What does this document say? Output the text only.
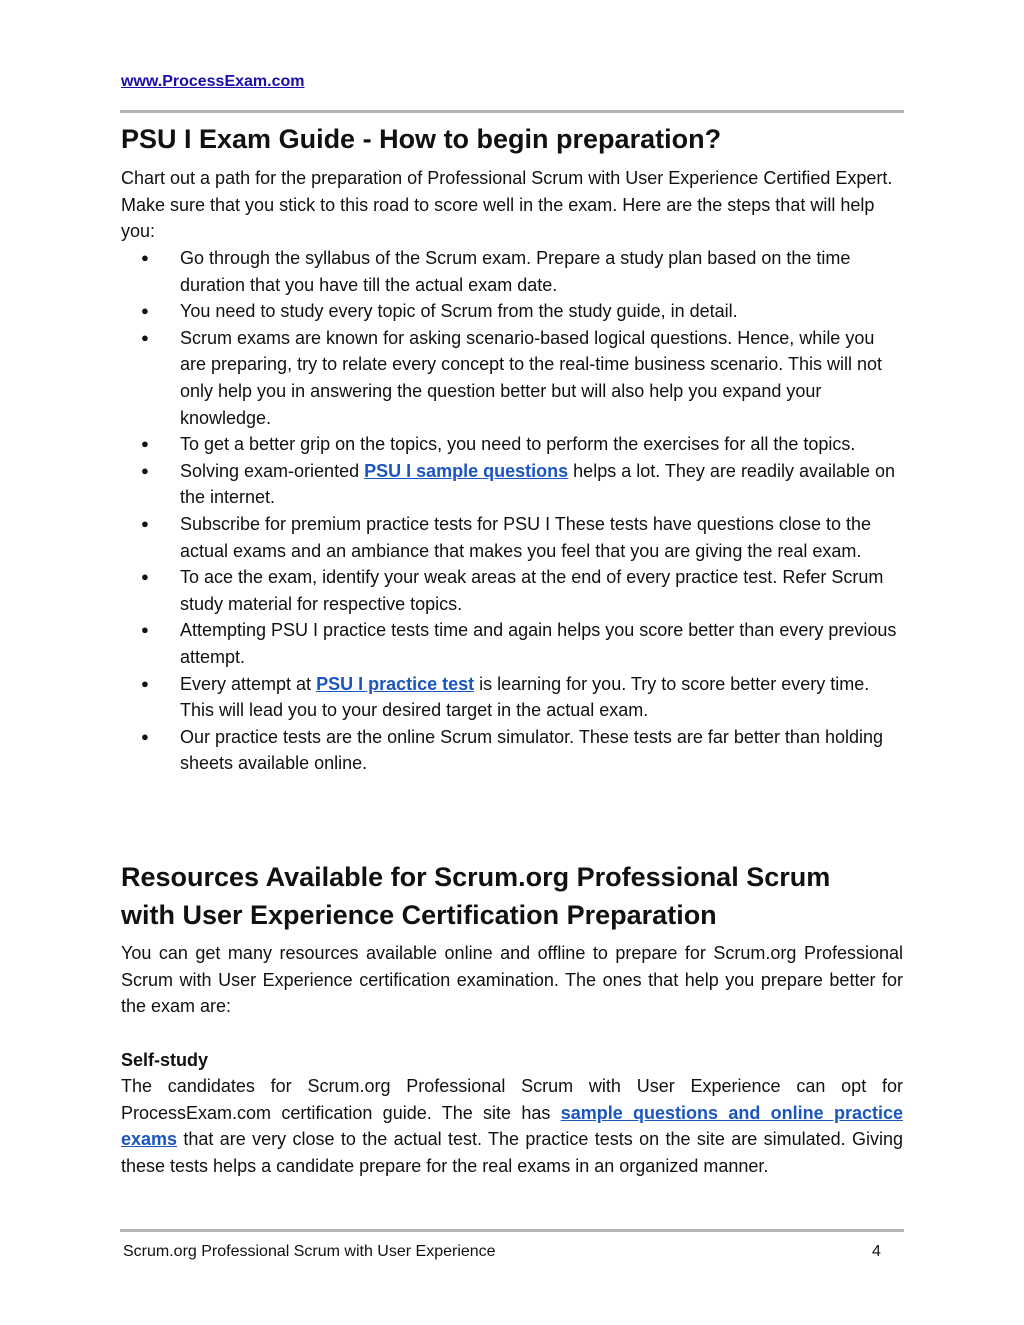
www.ProcessExam.com
PSU I Exam Guide - How to begin preparation?

Chart out a path for the preparation of Professional Scrum with User Experience Certified Expert. Make sure that you stick to this road to score well in the exam. Here are the steps that will help you:

● Go through the syllabus of the Scrum exam. Prepare a study plan based on the time duration that you have till the actual exam date.
● You need to study every topic of Scrum from the study guide, in detail.
● Scrum exams are known for asking scenario-based logical questions. Hence, while you are preparing, try to relate every concept to the real-time business scenario. This will not only help you in answering the question better but will also help you expand your knowledge.
● To get a better grip on the topics, you need to perform the exercises for all the topics.
● Solving exam-oriented PSU I sample questions helps a lot. They are readily available on the internet.
● Subscribe for premium practice tests for PSU I These tests have questions close to the actual exams and an ambiance that makes you feel that you are giving the real exam.
● To ace the exam, identify your weak areas at the end of every practice test. Refer Scrum study material for respective topics.
● Attempting PSU I practice tests time and again helps you score better than every previous attempt.
● Every attempt at PSU I practice test is learning for you. Try to score better every time. This will lead you to your desired target in the actual exam.
● Our practice tests are the online Scrum simulator. These tests are far better than holding sheets available online.
Resources Available for Scrum.org Professional Scrum
with User Experience Certification Preparation

You can get many resources available online and offline to prepare for Scrum.org Professional Scrum with User Experience certification examination. The ones that help you prepare better for the exam are:

Self-study

The candidates for Scrum.org Professional Scrum with User Experience can opt for ProcessExam.com certification guide. The site has sample questions and online practice exams that are very close to the actual test. The practice tests on the site are simulated. Giving these tests helps a candidate prepare for the real exams in an organized manner.

Scrum.org Professional Scrum with User Experience	4
